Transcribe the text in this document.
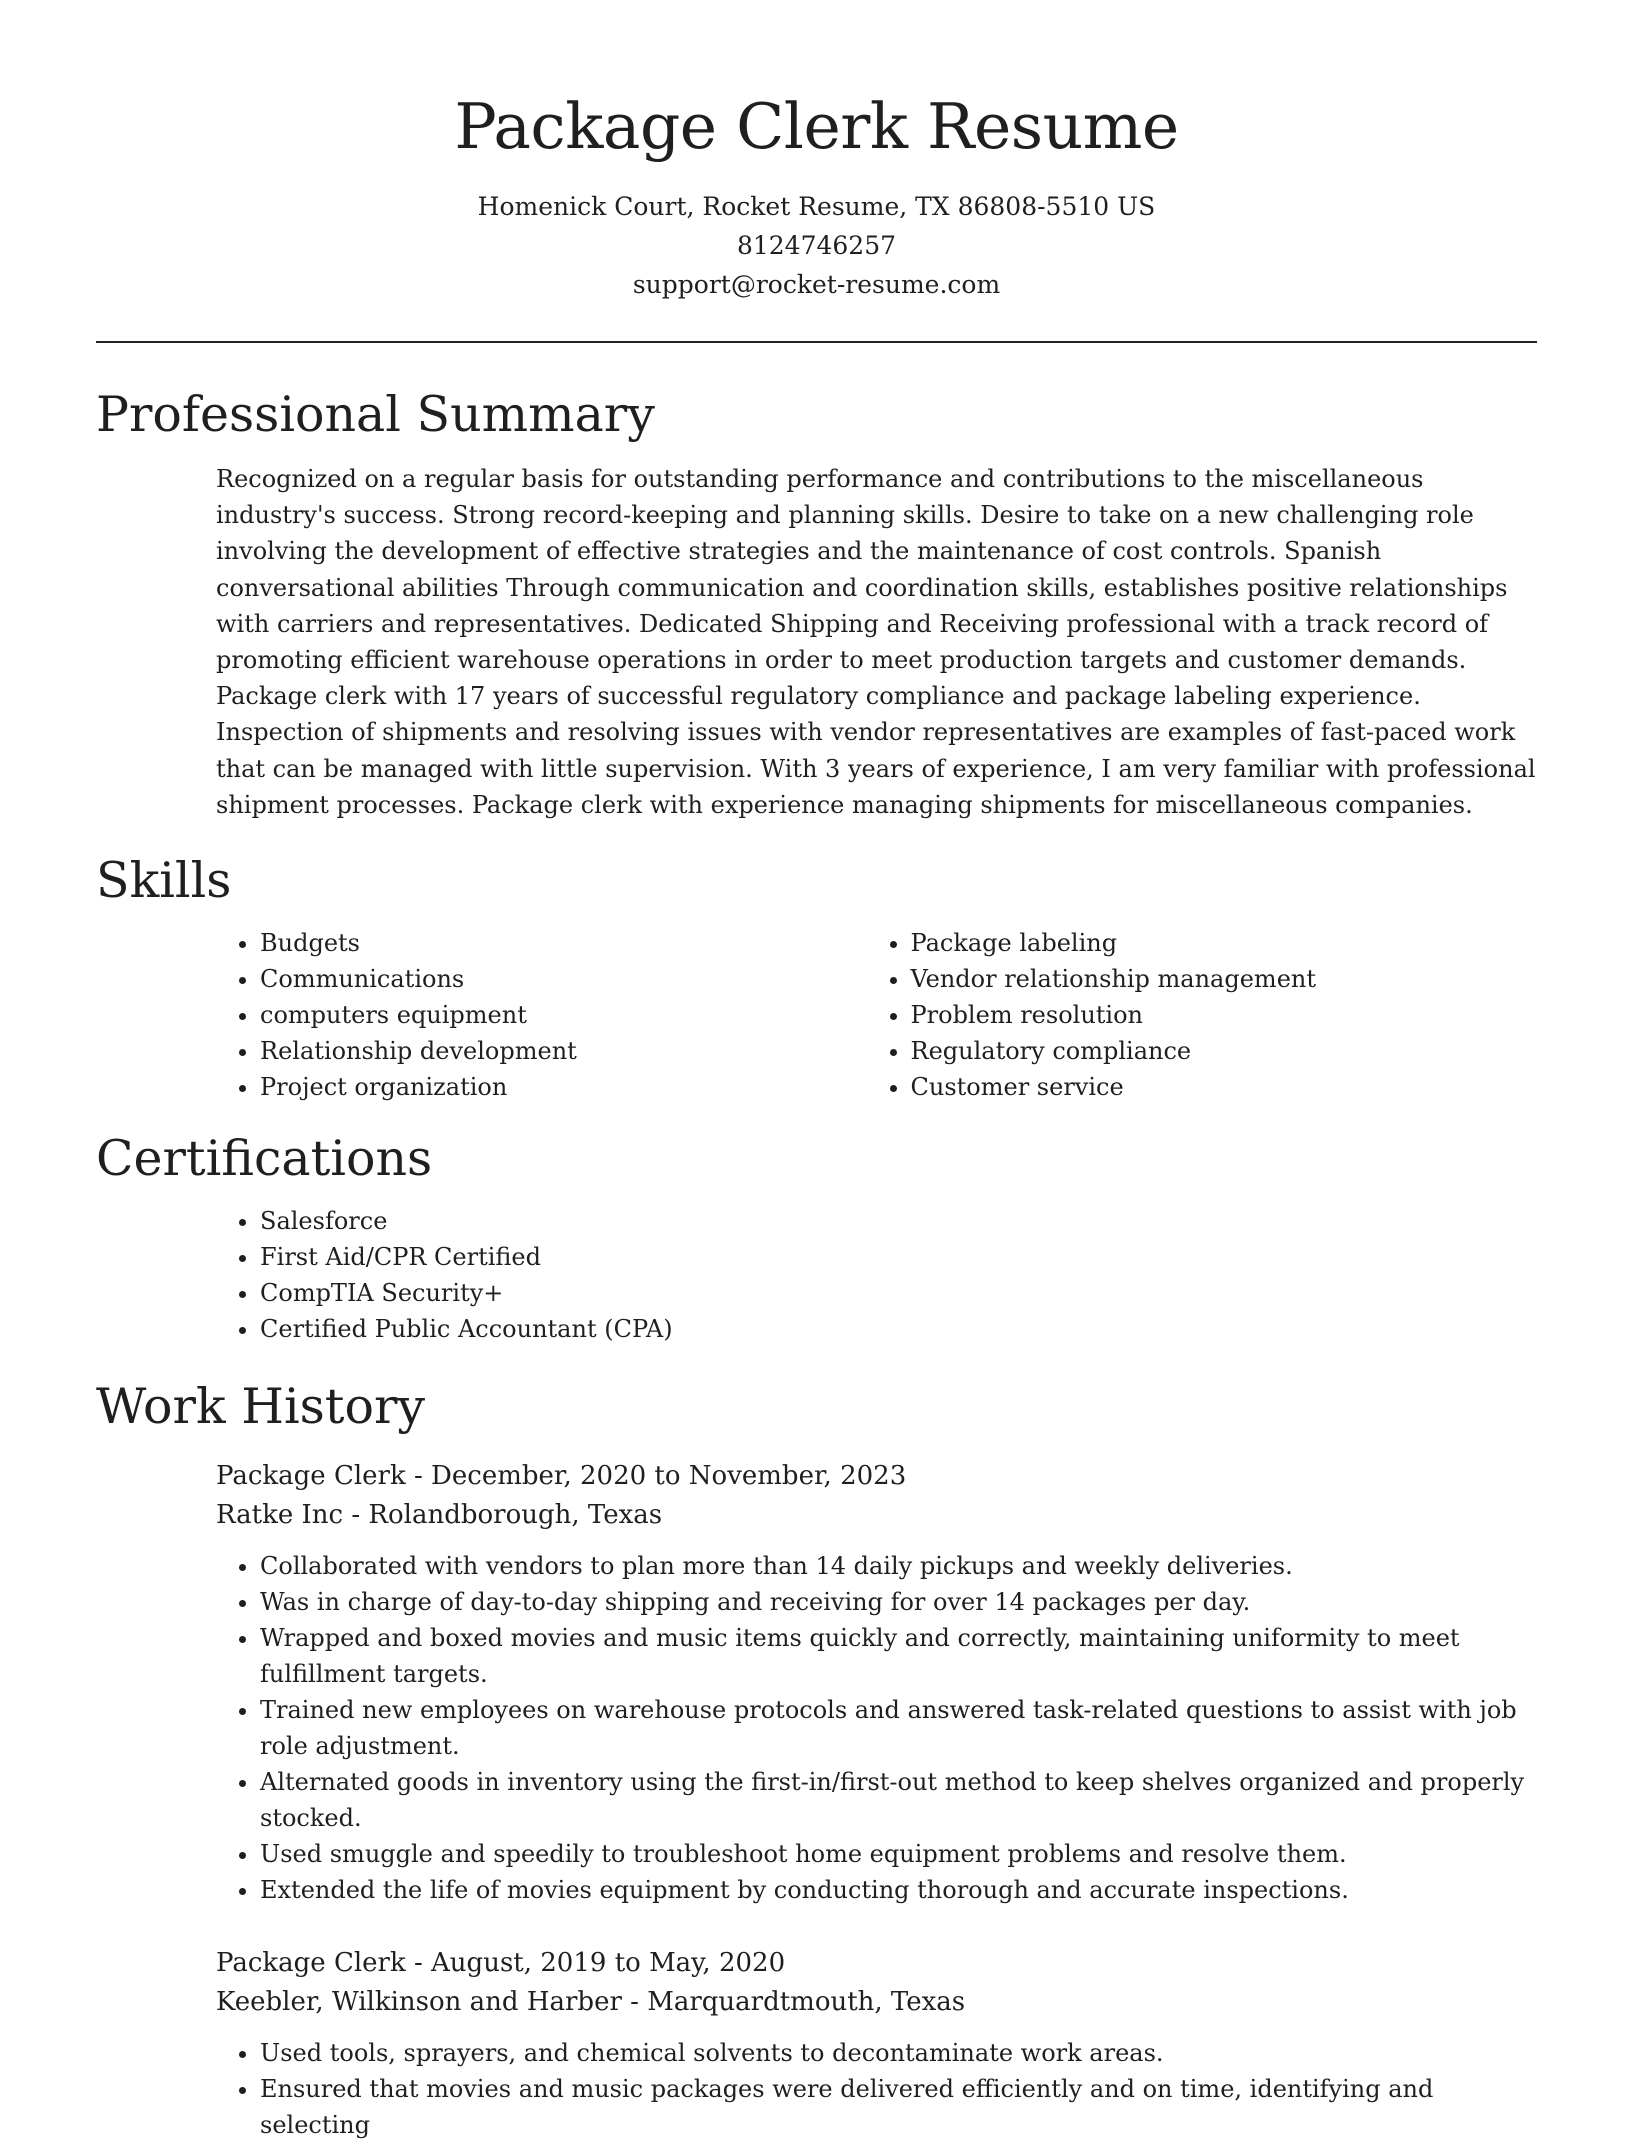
Package Clerk Resume
Homenick Court, Rocket Resume, TX 86808-5510 US
8124746257
support@rocket-resume.com
Professional Summary

Recognized on a regular basis for outstanding performance and contributions to the miscellaneous industry's success. Strong record-keeping and planning skills. Desire to take on a new challenging role involving the development of effective strategies and the maintenance of cost controls. Spanish conversational abilities Through communication and coordination skills, establishes positive relationships with carriers and representatives. Dedicated Shipping and Receiving professional with a track record of promoting efficient warehouse operations in order to meet production targets and customer demands. Package clerk with 17 years of successful regulatory compliance and package labeling experience. Inspection of shipments and resolving issues with vendor representatives are examples of fast-paced work that can be managed with little supervision. With 3 years of experience, I am very familiar with professional shipment processes. Package clerk with experience managing shipments for miscellaneous companies.

Skills
• Budgets
• Communications
• computers equipment
• Relationship development
• Project organization
• Package labeling
• Vendor relationship management
• Problem resolution
• Regulatory compliance
• Customer service
Certifications
• Salesforce
• First Aid/CPR Certified
• CompTIA Security+
• Certified Public Accountant (CPA)
Work History
Package Clerk - December, 2020 to November, 2023
Ratke Inc - Rolandborough, Texas
• Collaborated with vendors to plan more than 14 daily pickups and weekly deliveries.
• Was in charge of day-to-day shipping and receiving for over 14 packages per day.
• Wrapped and boxed movies and music items quickly and correctly, maintaining uniformity to meet fulfillment targets.
• Trained new employees on warehouse protocols and answered task-related questions to assist with job role adjustment.
• Alternated goods in inventory using the first-in/first-out method to keep shelves organized and properly stocked.
• Used smuggle and speedily to troubleshoot home equipment problems and resolve them.
• Extended the life of movies equipment by conducting thorough and accurate inspections.
Package Clerk - August, 2019 to May, 2020
Keebler, Wilkinson and Harber - Marquardtmouth, Texas
• Used tools, sprayers, and chemical solvents to decontaminate work areas.
• Ensured that movies and music packages were delivered efficiently and on time, identifying and selecting
